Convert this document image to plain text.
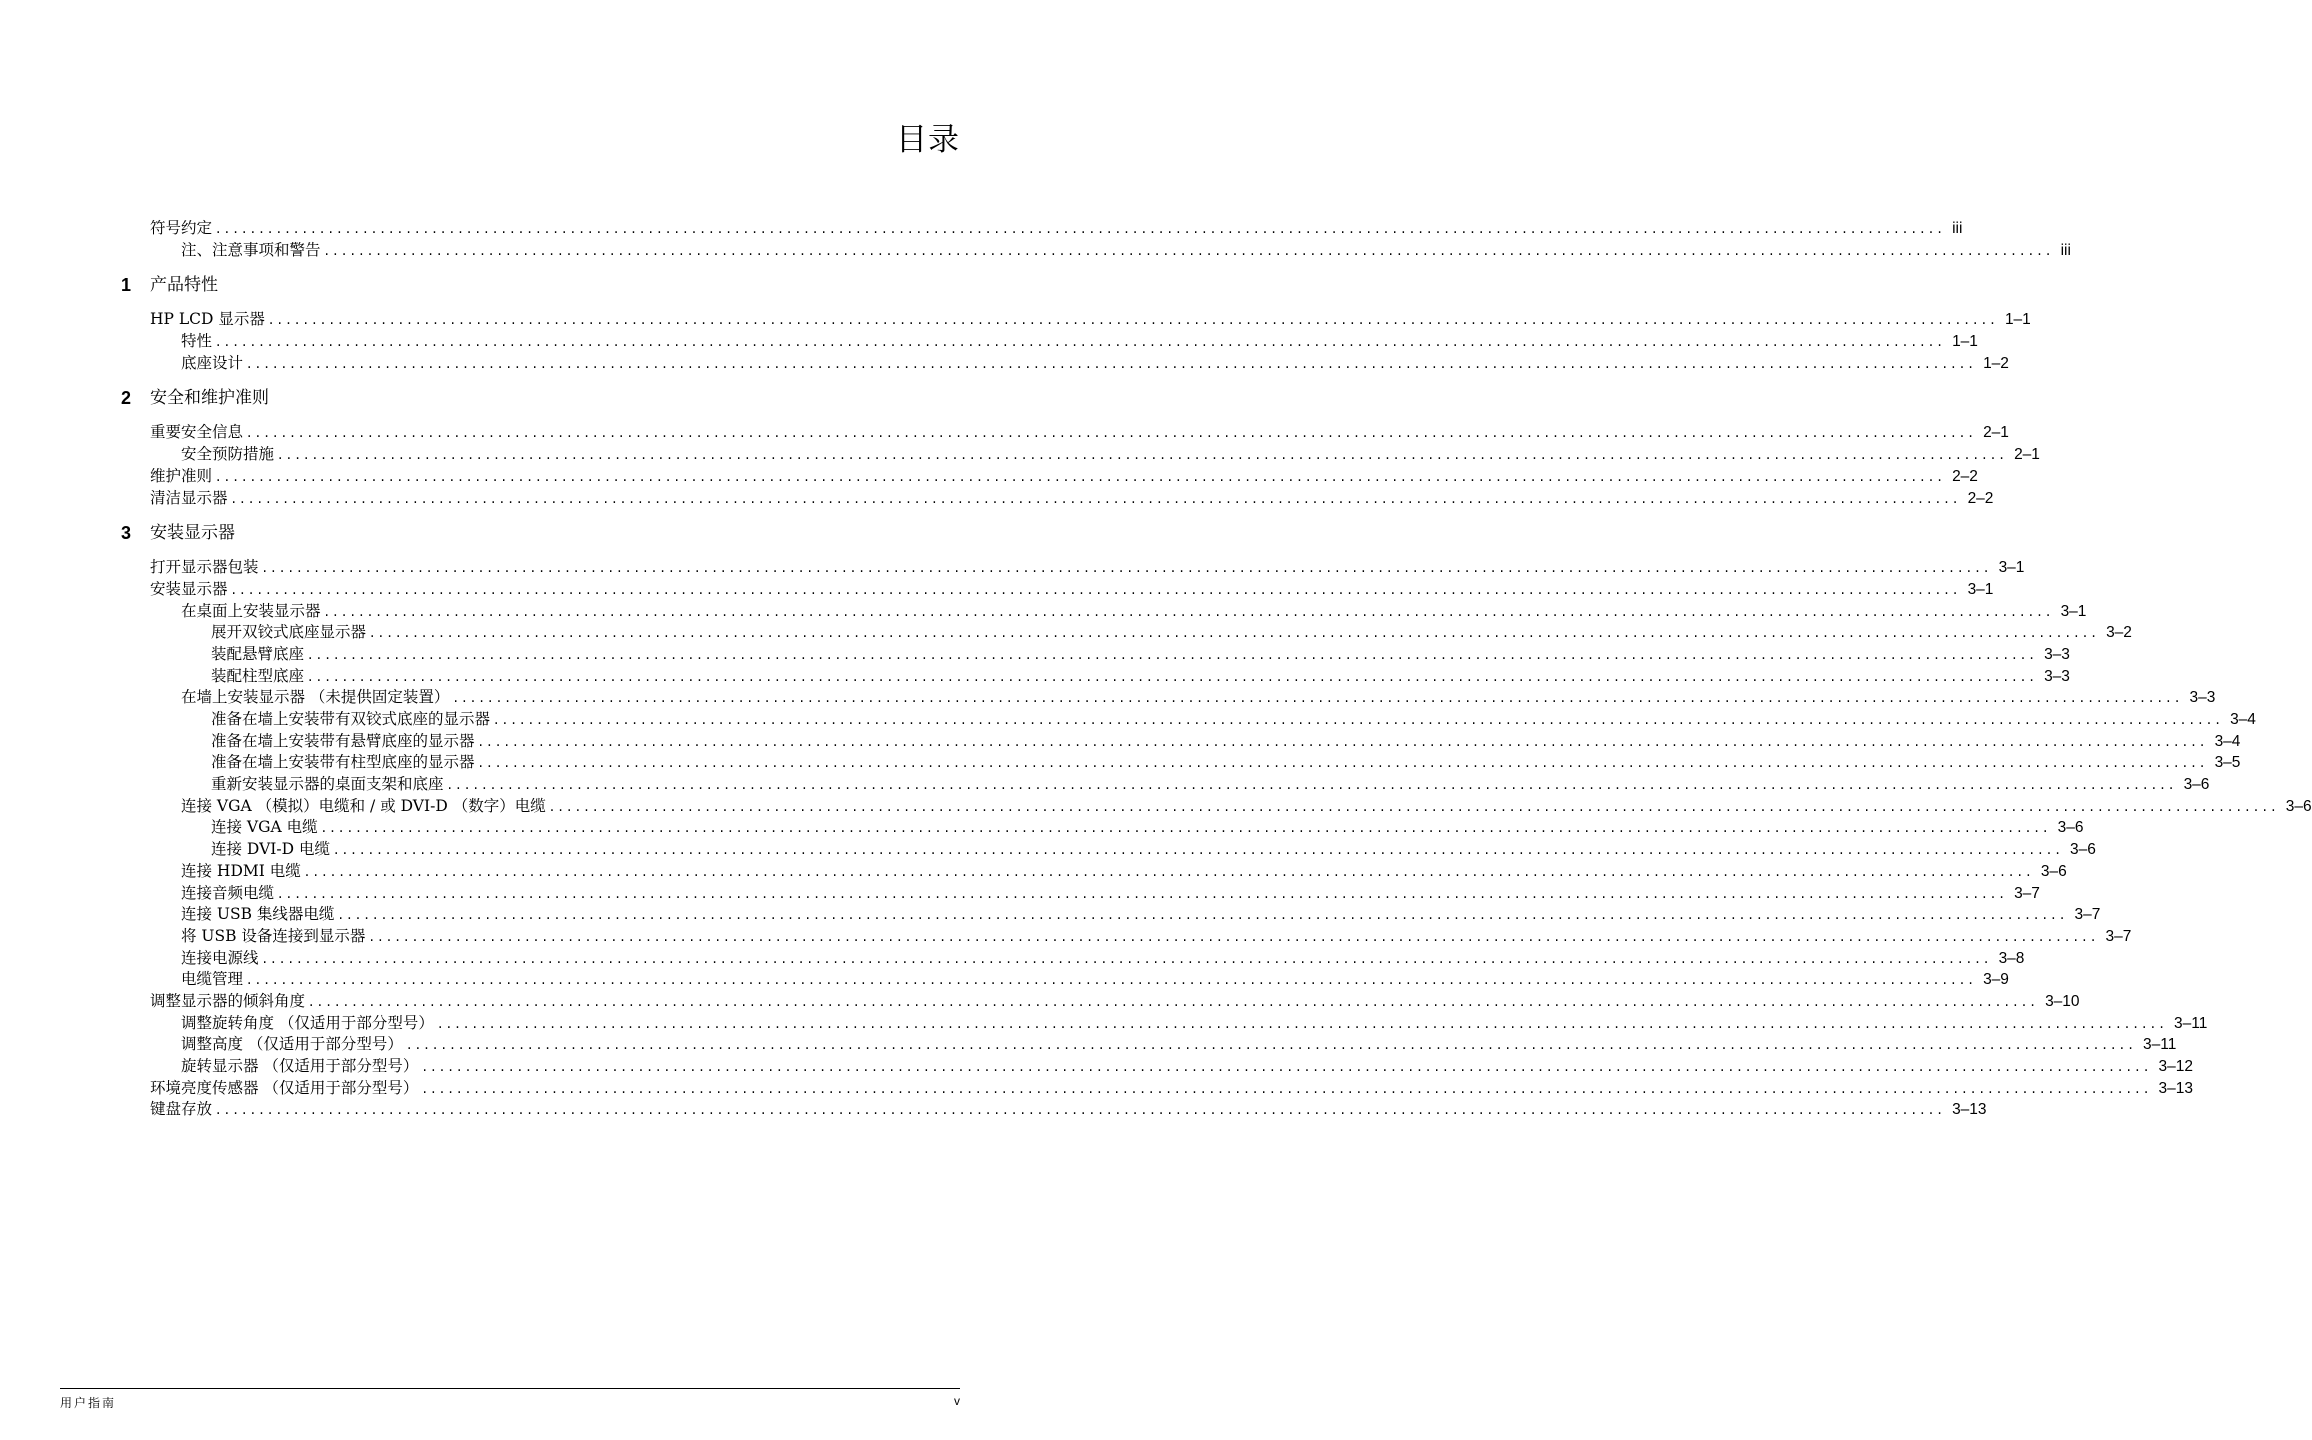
目录
符号约定 ........................................................................................................................................................................................................ iii
注、注意事项和警告 ........................................................................................................................................................................................................ iii
1 产品特性
HP LCD 显示器 ........................................................................................................................................................................................................ 1–1
特性 ........................................................................................................................................................................................................ 1–1
底座设计 ........................................................................................................................................................................................................ 1–2
2 安全和维护准则
重要安全信息 ........................................................................................................................................................................................................ 2–1
安全预防措施 ........................................................................................................................................................................................................ 2–1
维护准则 ........................................................................................................................................................................................................ 2–2
清洁显示器 ........................................................................................................................................................................................................ 2–2
3 安装显示器
打开显示器包装 ........................................................................................................................................................................................................ 3–1
安装显示器 ........................................................................................................................................................................................................ 3–1
在桌面上安装显示器 ........................................................................................................................................................................................................ 3–1
展开双铰式底座显示器 ........................................................................................................................................................................................................ 3–2
装配悬臂底座 ........................................................................................................................................................................................................ 3–3
装配柱型底座 ........................................................................................................................................................................................................ 3–3
在墙上安装显示器 （未提供固定装置） ........................................................................................................................................................................................................ 3–3
准备在墙上安装带有双铰式底座的显示器 ........................................................................................................................................................................................................ 3–4
准备在墙上安装带有悬臂底座的显示器 ........................................................................................................................................................................................................ 3–4
准备在墙上安装带有柱型底座的显示器 ........................................................................................................................................................................................................ 3–5
重新安装显示器的桌面支架和底座 ........................................................................................................................................................................................................ 3–6
连接 VGA （模拟）电缆和 / 或 DVI-D （数字）电缆 ........................................................................................................................................................................................................ 3–6
连接 VGA 电缆 ........................................................................................................................................................................................................ 3–6
连接 DVI-D 电缆 ........................................................................................................................................................................................................ 3–6
连接 HDMI 电缆 ........................................................................................................................................................................................................ 3–6
连接音频电缆 ........................................................................................................................................................................................................ 3–7
连接 USB 集线器电缆 ........................................................................................................................................................................................................ 3–7
将 USB 设备连接到显示器 ........................................................................................................................................................................................................ 3–7
连接电源线 ........................................................................................................................................................................................................ 3–8
电缆管理 ........................................................................................................................................................................................................ 3–9
调整显示器的倾斜角度 ........................................................................................................................................................................................................ 3–10
调整旋转角度 （仅适用于部分型号） ........................................................................................................................................................................................................ 3–11
调整高度 （仅适用于部分型号） ........................................................................................................................................................................................................ 3–11
旋转显示器 （仅适用于部分型号） ........................................................................................................................................................................................................ 3–12
环境亮度传感器 （仅适用于部分型号） ........................................................................................................................................................................................................ 3–13
键盘存放 ........................................................................................................................................................................................................ 3–13
用户指南	v
